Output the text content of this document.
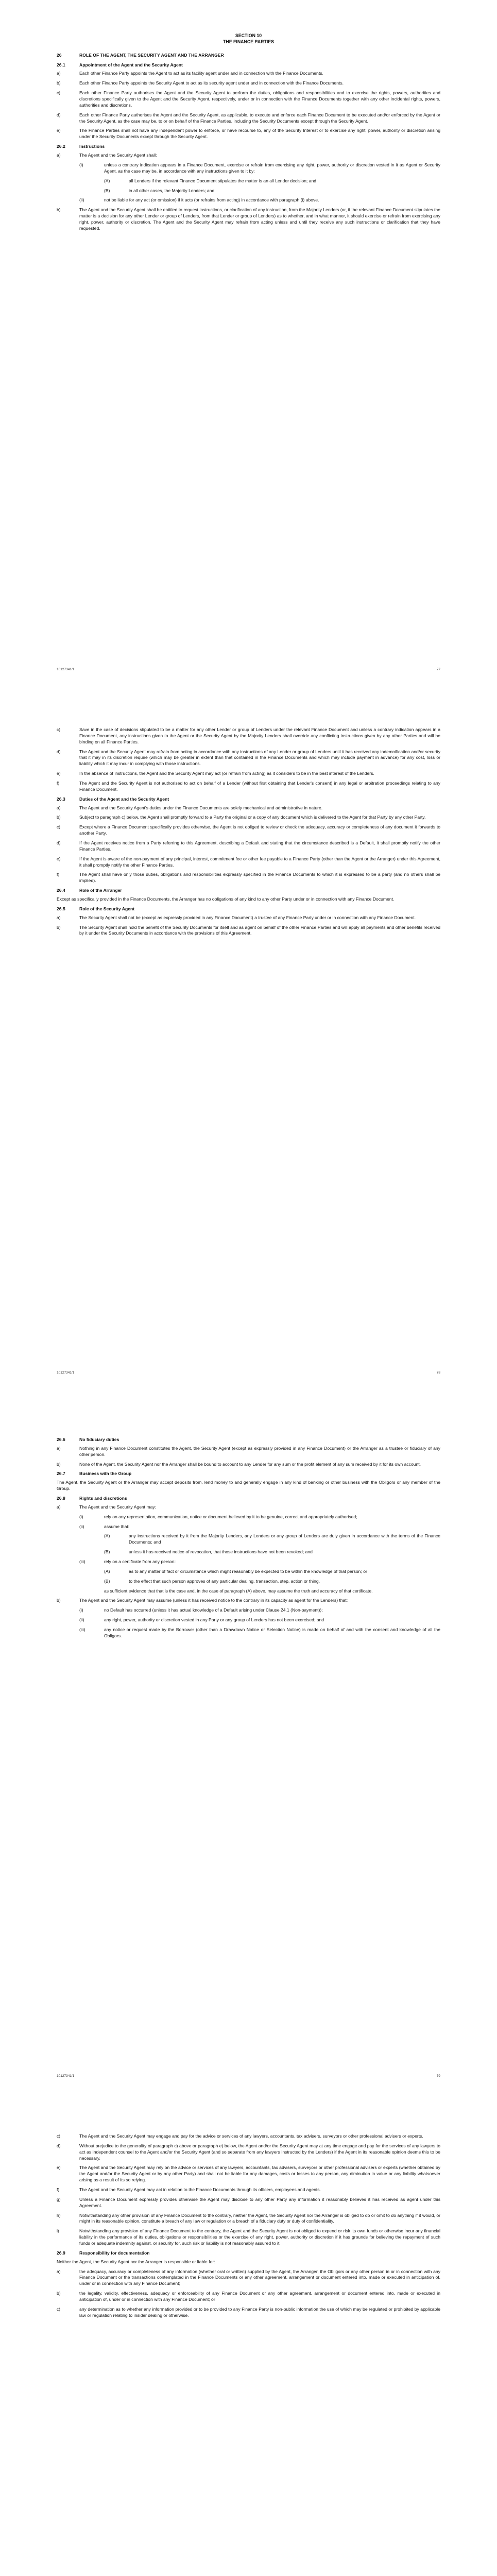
SECTION 10
THE FINANCE PARTIES
26	ROLE OF THE AGENT, THE SECURITY AGENT AND THE ARRANGER
26.1	Appointment of the Agent and the Security Agent
a)	Each other Finance Party appoints the Agent to act as its facility agent under and in connection with the Finance Documents.
b)	Each other Finance Party appoints the Security Agent to act as its security agent under and in connection with the Finance Documents.
c)	Each other Finance Party authorises the Agent and the Security Agent to perform the duties, obligations and responsibilities and to exercise the rights, powers, authorities and discretions specifically given to the Agent and the Security Agent, respectively, under or in connection with the Finance Documents together with any other incidental rights, powers, authorities and discretions.
d)	Each other Finance Party authorises the Agent and the Security Agent, as applicable, to execute and enforce each Finance Document to be executed and/or enforced by the Agent or the Security Agent, as the case may be, to or on behalf of the Finance Parties, including the Security Documents except through the Security Agent.
e)	The Finance Parties shall not have any independent power to enforce, or have recourse to, any of the Security Interest or to exercise any right, power, authority or discretion arising under the Security Documents except through the Security Agent.
26.2	Instructions
a)	The Agent and the Security Agent shall:
(i)	unless a contrary indication appears in a Finance Document, exercise or refrain from exercising any right, power, authority or discretion vested in it as Agent or Security Agent, as the case may be, in accordance with any instructions given to it by:
(A)	all Lenders if the relevant Finance Document stipulates the matter is an all Lender decision; and
(B)	in all other cases, the Majority Lenders; and
(ii)	not be liable for any act (or omission) if it acts (or refrains from acting) in accordance with paragraph (i) above.
b)	The Agent and the Security Agent shall be entitled to request instructions, or clarification of any instruction, from the Majority Lenders (or, if the relevant Finance Document stipulates the matter is a decision for any other Lender or group of Lenders, from that Lender or group of Lenders) as to whether, and in what manner, it should exercise or refrain from exercising any right, power, authority or discretion. The Agent and the Security Agent may refrain from acting unless and until they receive any such instructions or clarification that they have requested.
10127341/1	77
c)	Save in the case of decisions stipulated to be a matter for any other Lender or group of Lenders under the relevant Finance Document and unless a contrary indication appears in a Finance Document, any instructions given to the Agent or the Security Agent by the Majority Lenders shall override any conflicting instructions given by any other Parties and will be binding on all Finance Parties.
d)	The Agent and the Security Agent may refrain from acting in accordance with any instructions of any Lender or group of Lenders until it has received any indemnification and/or security that it may in its discretion require (which may be greater in extent than that contained in the Finance Documents and which may include payment in advance) for any cost, loss or liability which it may incur in complying with those instructions.
e)	In the absence of instructions, the Agent and the Security Agent may act (or refrain from acting) as it considers to be in the best interest of the Lenders.
f)	The Agent and the Security Agent is not authorised to act on behalf of a Lender (without first obtaining that Lender's consent) in any legal or arbitration proceedings relating to any Finance Document.
26.3	Duties of the Agent and the Security Agent
a)	The Agent and the Security Agent's duties under the Finance Documents are solely mechanical and administrative in nature.
b)	Subject to paragraph c) below, the Agent shall promptly forward to a Party the original or a copy of any document which is delivered to the Agent for that Party by any other Party.
c)	Except where a Finance Document specifically provides otherwise, the Agent is not obliged to review or check the adequacy, accuracy or completeness of any document it forwards to another Party.
d)	If the Agent receives notice from a Party referring to this Agreement, describing a Default and stating that the circumstance described is a Default, it shall promptly notify the other Finance Parties.
e)	If the Agent is aware of the non-payment of any principal, interest, commitment fee or other fee payable to a Finance Party (other than the Agent or the Arranger) under this Agreement, it shall promptly notify the other Finance Parties.
f)	The Agent shall have only those duties, obligations and responsibilities expressly specified in the Finance Documents to which it is expressed to be a party (and no others shall be implied).
26.4	Role of the Arranger
Except as specifically provided in the Finance Documents, the Arranger has no obligations of any kind to any other Party under or in connection with any Finance Document.
26.5	Role of the Security Agent
a)	The Security Agent shall not be (except as expressly provided in any Finance Document) a trustee of any Finance Party under or in connection with any Finance Document.
b)	The Security Agent shall hold the benefit of the Security Documents for itself and as agent on behalf of the other Finance Parties and will apply all payments and other benefits received by it under the Security Documents in accordance with the provisions of this Agreement.
10127341/1	78
26.6	No fiduciary duties
a)	Nothing in any Finance Document constitutes the Agent, the Security Agent (except as expressly provided in any Finance Document) or the Arranger as a trustee or fiduciary of any other person.
b)	None of the Agent, the Security Agent nor the Arranger shall be bound to account to any Lender for any sum or the profit element of any sum received by it for its own account.
26.7	Business with the Group
The Agent, the Security Agent or the Arranger may accept deposits from, lend money to and generally engage in any kind of banking or other business with the Obligors or any member of the Group.
26.8	Rights and discretions
a)	The Agent and the Security Agent may:
(i)	rely on any representation, communication, notice or document believed by it to be genuine, correct and appropriately authorised;
(ii)	assume that:
(A)	any instructions received by it from the Majority Lenders, any Lenders or any group of Lenders are duly given in accordance with the terms of the Finance Documents; and
(B)	unless it has received notice of revocation, that those instructions have not been revoked; and
(iii)	rely on a certificate from any person:
(A)	as to any matter of fact or circumstance which might reasonably be expected to be within the knowledge of that person; or
(B)	to the effect that such person approves of any particular dealing, transaction, step, action or thing,
as sufficient evidence that that is the case and, in the case of paragraph (A) above, may assume the truth and accuracy of that certificate.
b)	The Agent and the Security Agent may assume (unless it has received notice to the contrary in its capacity as agent for the Lenders) that:
(i)	no Default has occurred (unless it has actual knowledge of a Default arising under Clause 24.1 (Non-payment));
(ii)	any right, power, authority or discretion vested in any Party or any group of Lenders has not been exercised; and
(iii)	any notice or request made by the Borrower (other than a Drawdown Notice or Selection Notice) is made on behalf of and with the consent and knowledge of all the Obligors.
10127341/1	79
c)	The Agent and the Security Agent may engage and pay for the advice or services of any lawyers, accountants, tax advisers, surveyors or other professional advisers or experts.
d)	Without prejudice to the generality of paragraph c) above or paragraph e) below, the Agent and/or the Security Agent may at any time engage and pay for the services of any lawyers to act as independent counsel to the Agent and/or the Security Agent (and so separate from any lawyers instructed by the Lenders) if the Agent in its reasonable opinion deems this to be necessary.
e)	The Agent and the Security Agent may rely on the advice or services of any lawyers, accountants, tax advisers, surveyors or other professional advisers or experts (whether obtained by the Agent and/or the Security Agent or by any other Party) and shall not be liable for any damages, costs or losses to any person, any diminution in value or any liability whatsoever arising as a result of its so relying.
f)	The Agent and the Security Agent may act in relation to the Finance Documents through its officers, employees and agents.
g)	Unless a Finance Document expressly provides otherwise the Agent may disclose to any other Party any information it reasonably believes it has received as agent under this Agreement.
h)	Notwithstanding any other provision of any Finance Document to the contrary, neither the Agent, the Security Agent nor the Arranger is obliged to do or omit to do anything if it would, or might in its reasonable opinion, constitute a breach of any law or regulation or a breach of a fiduciary duty or duty of confidentiality.
i)	Notwithstanding any provision of any Finance Document to the contrary, the Agent and the Security Agent is not obliged to expend or risk its own funds or otherwise incur any financial liability in the performance of its duties, obligations or responsibilities or the exercise of any right, power, authority or discretion if it has grounds for believing the repayment of such funds or adequate indemnity against, or security for, such risk or liability is not reasonably assured to it.
26.9	Responsibility for documentation
Neither the Agent, the Security Agent nor the Arranger is responsible or liable for:
a)	the adequacy, accuracy or completeness of any information (whether oral or written) supplied by the Agent, the Arranger, the Obligors or any other person in or in connection with any Finance Document or the transactions contemplated in the Finance Documents or any other agreement, arrangement or document entered into, made or executed in anticipation of, under or in connection with any Finance Document;
b)	the legality, validity, effectiveness, adequacy or enforceability of any Finance Document or any other agreement, arrangement or document entered into, made or executed in anticipation of, under or in connection with any Finance Document; or
c)	any determination as to whether any information provided or to be provided to any Finance Party is non-public information the use of which may be regulated or prohibited by applicable law or regulation relating to insider dealing or otherwise.
